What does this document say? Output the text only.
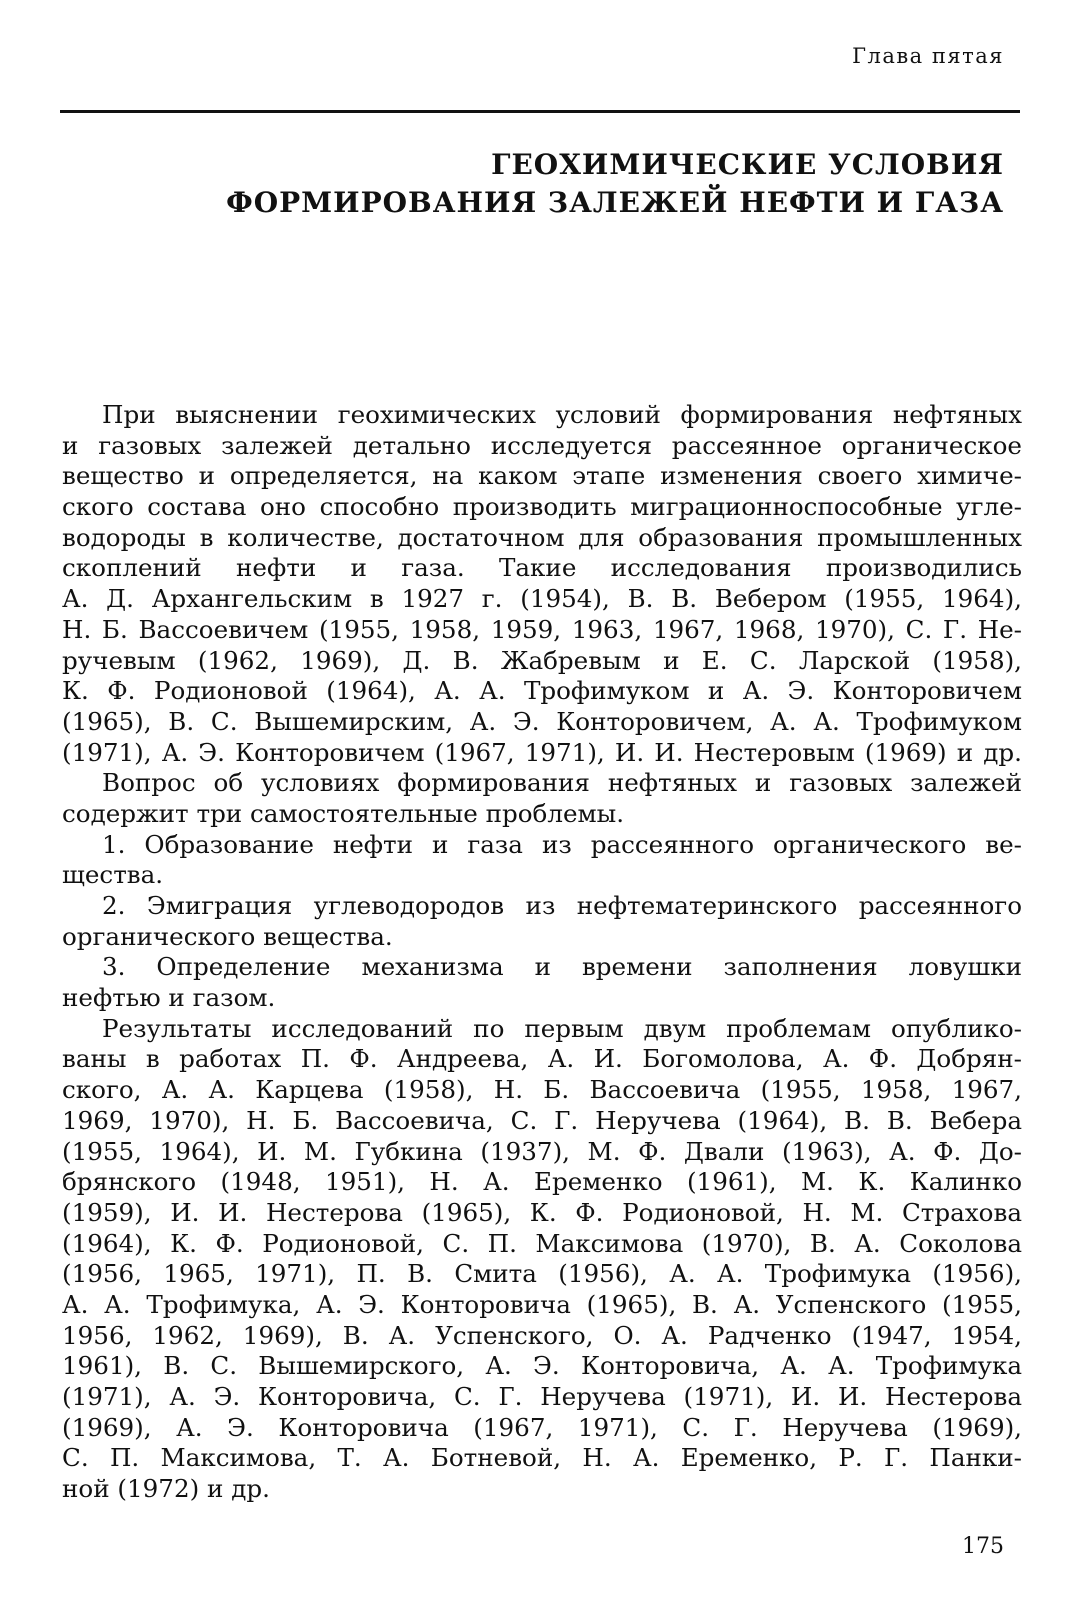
Глава пятая
ГЕОХИМИЧЕСКИЕ УСЛОВИЯ
ФОРМИРОВАНИЯ ЗАЛЕЖЕЙ НЕФТИ И ГАЗА
При выяснении геохимических условий формирования нефтяных
и газовых залежей детально исследуется рассеянное органическое
вещество и определяется, на каком этапе изменения своего химиче-
ского состава оно способно производить миграционноспособные угле-
водороды в количестве, достаточном для образования промышленных
скоплений нефти и газа. Такие исследования производились
А. Д. Архангельским в 1927 г. (1954), В. В. Вебером (1955, 1964),
Н. Б. Вассоевичем (1955, 1958, 1959, 1963, 1967, 1968, 1970), С. Г. Не-
ручевым (1962, 1969), Д. В. Жабревым и Е. С. Ларской (1958),
К. Ф. Родионовой (1964), А. А. Трофимуком и А. Э. Конторовичем
(1965), В. С. Вышемирским, А. Э. Конторовичем, А. А. Трофимуком
(1971), А. Э. Конторовичем (1967, 1971), И. И. Нестеровым (1969) и др.
Вопрос об условиях формирования нефтяных и газовых залежей
содержит три самостоятельные проблемы.
1. Образование нефти и газа из рассеянного органического ве-
щества.
2. Эмиграция углеводородов из нефтематеринского рассеянного
органического вещества.
3. Определение механизма и времени заполнения ловушки
нефтью и газом.
Результаты исследований по первым двум проблемам опублико-
ваны в работах П. Ф. Андреева, А. И. Богомолова, А. Ф. Добрян-
ского, А. А. Карцева (1958), Н. Б. Вассоевича (1955, 1958, 1967,
1969, 1970), Н. Б. Вассоевича, С. Г. Неручева (1964), В. В. Вебера
(1955, 1964), И. М. Губкина (1937), М. Ф. Двали (1963), А. Ф. До-
брянского (1948, 1951), Н. А. Еременко (1961), М. К. Калинко
(1959), И. И. Нестерова (1965), К. Ф. Родионовой, Н. М. Страхова
(1964), К. Ф. Родионовой, С. П. Максимова (1970), В. А. Соколова
(1956, 1965, 1971), П. В. Смита (1956), А. А. Трофимука (1956),
А. А. Трофимука, А. Э. Конторовича (1965), В. А. Успенского (1955,
1956, 1962, 1969), В. А. Успенского, О. А. Радченко (1947, 1954,
1961), В. С. Вышемирского, А. Э. Конторовича, А. А. Трофимука
(1971), А. Э. Конторовича, С. Г. Неручева (1971), И. И. Нестерова
(1969), А. Э. Конторовича (1967, 1971), С. Г. Неручева (1969),
С. П. Максимова, Т. А. Ботневой, Н. А. Еременко, Р. Г. Панки-
ной (1972) и др.
175
